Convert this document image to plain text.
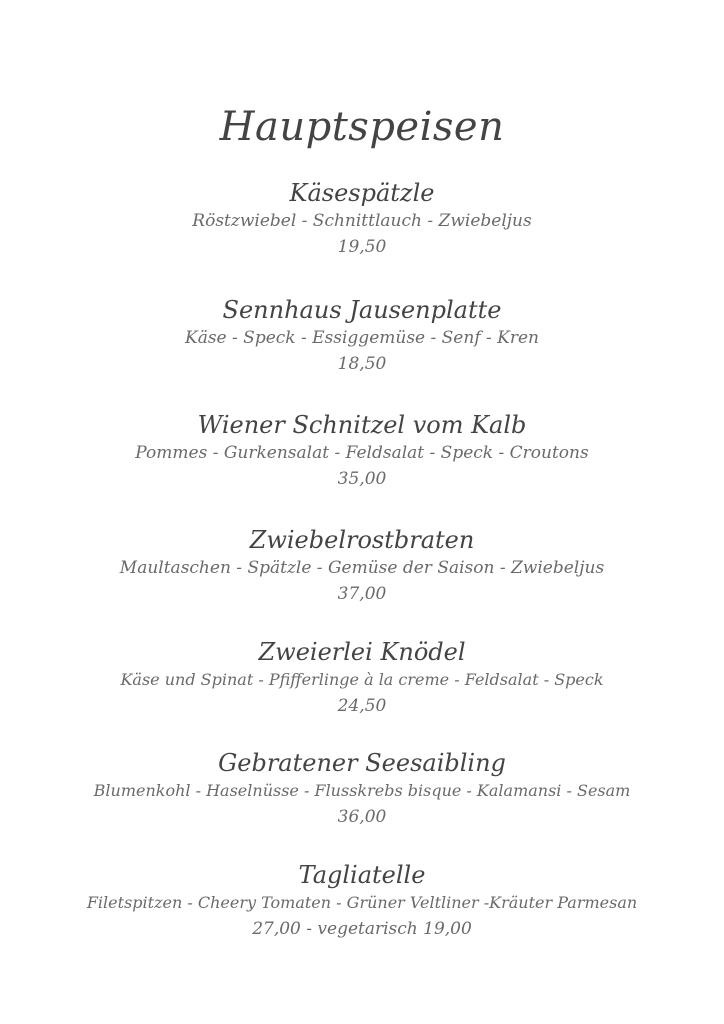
Hauptspeisen
Käsespätzle
Röstzwiebel - Schnittlauch - Zwiebeljus
19,50
Sennhaus Jausenplatte
Käse - Speck - Essiggemüse - Senf - Kren
18,50
Wiener Schnitzel vom Kalb
Pommes - Gurkensalat - Feldsalat - Speck - Croutons
35,00
Zwiebelrostbraten
Maultaschen - Spätzle - Gemüse der Saison - Zwiebeljus
37,00
Zweierlei Knödel
Käse und Spinat - Pfifferlinge à la creme - Feldsalat - Speck
24,50
Gebratener Seesaibling
Blumenkohl - Haselnüsse - Flusskrebs bisque - Kalamansi - Sesam
36,00
Tagliatelle
Filetspitzen - Cheery Tomaten - Grüner Veltliner -Kräuter Parmesan
27,00 - vegetarisch 19,00
